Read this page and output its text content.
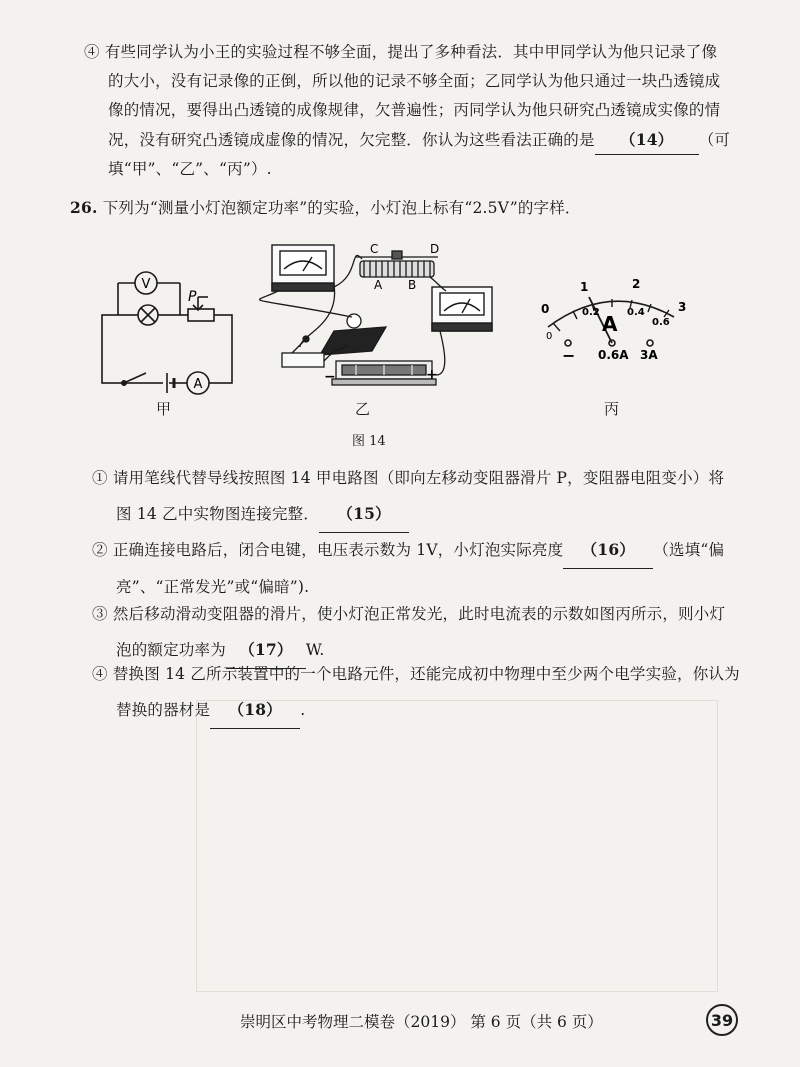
④ 有些同学认为小王的实验过程不够全面，提出了多种看法．其中甲同学认为他只记录了像
的大小，没有记录像的正倒，所以他的记录不够全面；乙同学认为他只通过一块凸透镜成
像的情况，要得出凸透镜的成像规律，欠普遍性；丙同学认为他只研究凸透镜成实像的情
况，没有研究凸透镜成虚像的情况，欠完整．你认为这些看法正确的是 （14） （可
填“甲”、“乙”、“丙”）.
26. 下列为“测量小灯泡额定功率”的实验，小灯泡上标有“2.5V”的字样．
V
A
P
C	D
A B
−	+
0
1	2
3
0
0.2	0.4
0.6
A
− 0.6A 3A
甲	乙	丙
图 14
① 请用笔线代替导线按照图 14 甲电路图（即向左移动变阻器滑片 P，变阻器电阻变小）将
图 14 乙中实物图连接完整． （15）
② 正确连接电路后，闭合电键，电压表示数为 1V，小灯泡实际亮度 （16） （选填“偏
亮”、“正常发光”或“偏暗”).
③ 然后移动滑动变阻器的滑片，使小灯泡正常发光，此时电流表的示数如图丙所示，则小灯
泡的额定功率为 （17） W.
④ 替换图 14 乙所示装置中的一个电路元件，还能完成初中物理中至少两个电学实验，你认为
替换的器材是 （18） .
崇明区中考物理二模卷（2019） 第 6 页（共 6 页）	39
